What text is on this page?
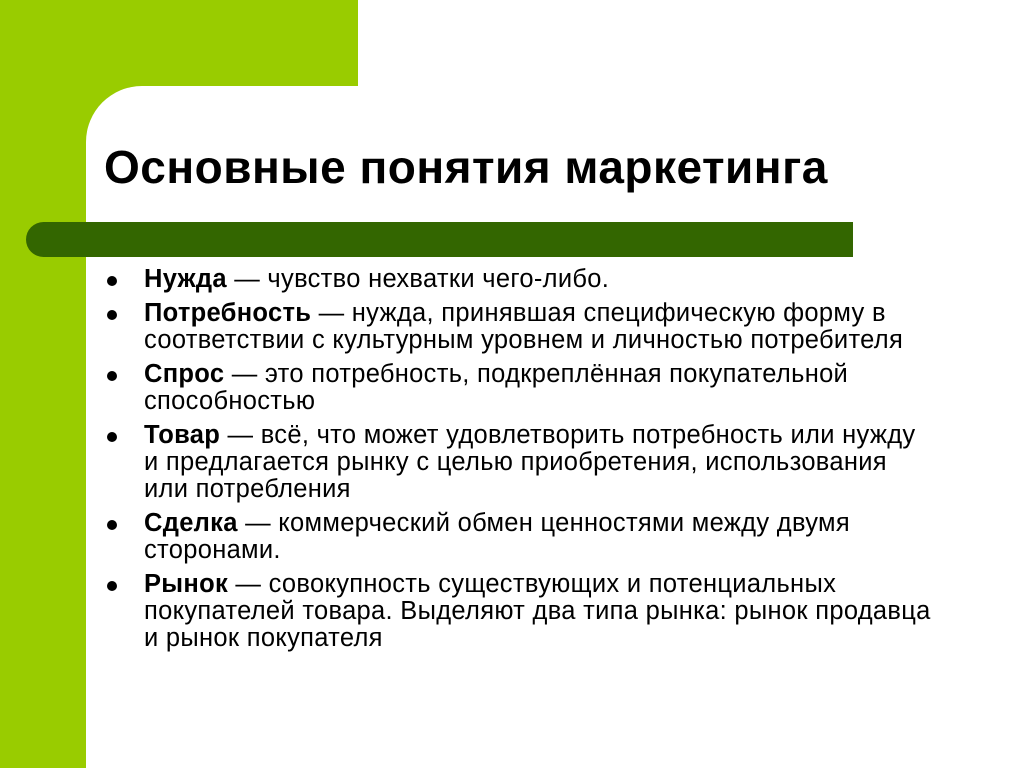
Основные понятия маркетинга
Нужда — чувство нехватки чего-либо.
Потребность — нужда, принявшая специфическую форму в соответствии с культурным уровнем и личностью потребителя
Спрос — это потребность, подкреплённая покупательной способностью
Товар — всё, что может удовлетворить потребность или нужду и предлагается рынку с целью приобретения, использования или потребления
Сделка — коммерческий обмен ценностями между двумя сторонами.
Рынок — совокупность существующих и потенциальных покупателей товара. Выделяют два типа рынка: рынок продавца и рынок покупателя
